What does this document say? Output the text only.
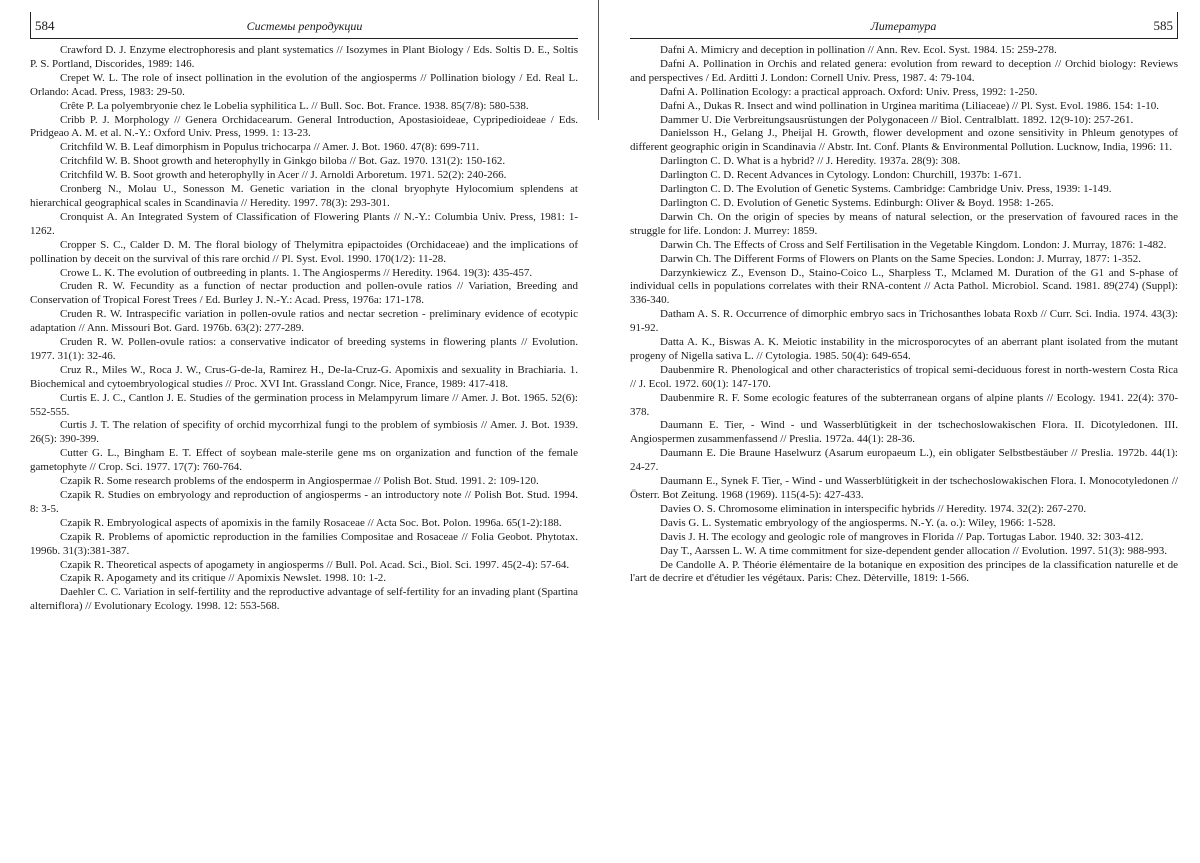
584	Системы репродукции
Crawford D. J. Enzyme electrophoresis and plant systematics // Isozymes in Plant Biology / Eds. Soltis D. E., Soltis P. S. Portland, Discorides, 1989: 146.
Crepet W. L. The role of insect pollination in the evolution of the angiosperms // Pollination biology / Ed. Real L. Orlando: Acad. Press, 1983: 29-50.
Crête P. La polyembryonie chez le Lobelia syphilitica L. // Bull. Soc. Bot. France. 1938. 85(7/8): 580-538.
Cribb P. J. Morphology // Genera Orchidacearum. General Introduction, Apostasioideae, Cypripedioideae / Eds. Pridgeao A. M. et al. N.-Y.: Oxford Univ. Press, 1999. 1: 13-23.
Critchfild W. B. Leaf dimorphism in Populus trichocarpa // Amer. J. Bot. 1960. 47(8): 699-711.
Critchfild W. B. Shoot growth and heterophylly in Ginkgo biloba // Bot. Gaz. 1970. 131(2): 150-162.
Critchfild W. B. Soot growth and heterophylly in Acer // J. Arnoldi Arboretum. 1971. 52(2): 240-266.
Cronberg N., Molau U., Sonesson M. Genetic variation in the clonal bryophyte Hylocomium splendens at hierarchical geographical scales in Scandinavia // Heredity. 1997. 78(3): 293-301.
Cronquist A. An Integrated System of Classification of Flowering Plants // N.-Y.: Columbia Univ. Press, 1981: 1-1262.
Cropper S. C., Calder D. M. The floral biology of Thelymitra epipactoides (Orchidaceae) and the implications of pollination by deceit on the survival of this rare orchid // Pl. Syst. Evol. 1990. 170(1/2): 11-28.
Crowe L. K. The evolution of outbreeding in plants. 1. The Angiosperms // Heredity. 1964. 19(3): 435-457.
Cruden R. W. Fecundity as a function of nectar production and pollen-ovule ratios // Variation, Breeding and Conservation of Tropical Forest Trees / Ed. Burley J. N.-Y.: Acad. Press, 1976a: 171-178.
Cruden R. W. Intraspecific variation in pollen-ovule ratios and nectar secretion - preliminary evidence of ecotypic adaptation // Ann. Missouri Bot. Gard. 1976b. 63(2): 277-289.
Cruden R. W. Pollen-ovule ratios: a conservative indicator of breeding systems in flowering plants // Evolution. 1977. 31(1): 32-46.
Cruz R., Miles W., Roca J. W., Crus-G-de-la, Ramirez H., De-la-Cruz-G. Apomixis and sexuality in Brachiaria. 1. Biochemical and cytoembryological studies // Proc. XVI Int. Grassland Congr. Nice, France, 1989: 417-418.
Curtis E. J. C., Cantlon J. E. Studies of the germination process in Melampyrum limare // Amer. J. Bot. 1965. 52(6): 552-555.
Curtis J. T. The relation of specifity of orchid mycorrhizal fungi to the problem of symbiosis // Amer. J. Bot. 1939. 26(5): 390-399.
Cutter G. L., Bingham E. T. Effect of soybean male-sterile gene ms on organization and function of the female gametophyte // Crop. Sci. 1977. 17(7): 760-764.
Czapik R. Some research problems of the endosperm in Angiospermae // Polish Bot. Stud. 1991. 2: 109-120.
Czapik R. Studies on embryology and reproduction of angiosperms - an introductory note // Polish Bot. Stud. 1994. 8: 3-5.
Czapik R. Embryological aspects of apomixis in the family Rosaceae // Acta Soc. Bot. Polon. 1996a. 65(1-2):188.
Czapik R. Problems of apomictic reproduction in the families Compositae and Rosaceae // Folia Geobot. Phytotax. 1996b. 31(3):381-387.
Czapik R. Theoretical aspects of apogamety in angiosperms // Bull. Pol. Acad. Sci., Biol. Sci. 1997. 45(2-4): 57-64.
Czapik R. Apogamety and its critique // Apomixis Newslet. 1998. 10: 1-2.
Daehler C. C. Variation in self-fertility and the reproductive advantage of self-fertility for an invading plant (Spartina alterniflora) // Evolutionary Ecology. 1998. 12: 553-568.
Литература	585
Dafni A. Mimicry and deception in pollination // Ann. Rev. Ecol. Syst. 1984. 15: 259-278.
Dafni A. Pollination in Orchis and related genera: evolution from reward to deception // Orchid biology: Reviews and perspectives / Ed. Arditti J. London: Cornell Univ. Press, 1987. 4: 79-104.
Dafni A. Pollination Ecology: a practical approach. Oxford: Univ. Press, 1992: 1-250.
Dafni A., Dukas R. Insect and wind pollination in Urginea maritima (Liliaceae) // Pl. Syst. Evol. 1986. 154: 1-10.
Dammer U. Die Verbreitungsausrüstungen der Polygonaceen // Biol. Centralblatt. 1892. 12(9-10): 257-261.
Danielsson H., Gelang J., Pheijal H. Growth, flower development and ozone sensitivity in Phleum genotypes of different geographic origin in Scandinavia // Abstr. Int. Conf. Plants & Environmental Pollution. Lucknow, India, 1996: 11.
Darlington C. D. What is a hybrid? // J. Heredity. 1937a. 28(9): 308.
Darlington C. D. Recent Advances in Cytology. London: Churchill, 1937b: 1-671.
Darlington C. D. The Evolution of Genetic Systems. Cambridge: Cambridge Univ. Press, 1939: 1-149.
Darlington C. D. Evolution of Genetic Systems. Edinburgh: Oliver & Boyd. 1958: 1-265.
Darwin Ch. On the origin of species by means of natural selection, or the preservation of favoured races in the struggle for life. London: J. Murrey: 1859.
Darwin Ch. The Effects of Cross and Self Fertilisation in the Vegetable Kingdom. London: J. Murray, 1876: 1-482.
Darwin Ch. The Different Forms of Flowers on Plants on the Same Species. London: J. Murray, 1877: 1-352.
Darzynkiewicz Z., Evenson D., Staino-Coico L., Sharpless T., Mclamed M. Duration of the G1 and S-phase of individual cells in populations correlates with their RNA-content // Acta Pathol. Microbiol. Scand. 1981. 89(274) (Suppl): 336-340.
Datham A. S. R. Occurrence of dimorphic embryo sacs in Trichosanthes lobata Roxb // Curr. Sci. India. 1974. 43(3): 91-92.
Datta A. K., Biswas A. K. Meiotic instability in the microsporocytes of an aberrant plant isolated from the mutant progeny of Nigella sativa L. // Cytologia. 1985. 50(4): 649-654.
Daubenmire R. Phenological and other characteristics of tropical semi-deciduous forest in north-western Costa Rica // J. Ecol. 1972. 60(1): 147-170.
Daubenmire R. F. Some ecologic features of the subterranean organs of alpine plants // Ecology. 1941. 22(4): 370-378.
Daumann E. Tier, - Wind - und Wasserblütigkeit in der tschechoslowakischen Flora. II. Dicotyledonen. III. Angiospermen zusammenfassend // Preslia. 1972a. 44(1): 28-36.
Daumann E. Die Braune Haselwurz (Asarum europaeum L.), ein obligater Selbstbestäuber // Preslia. 1972b. 44(1): 24-27.
Daumann E., Synek F. Tier, - Wind - und Wasserblütigkeit in der tschechoslowakischen Flora. I. Monocotyledonen // Österr. Bot Zeitung. 1968 (1969). 115(4-5): 427-433.
Davies O. S. Chromosome elimination in interspecific hybrids // Heredity. 1974. 32(2): 267-270.
Davis G. L. Systematic embryology of the angiosperms. N.-Y. (a. o.): Wiley, 1966: 1-528.
Davis J. H. The ecology and geologic role of mangroves in Florida // Pap. Tortugas Labor. 1940. 32: 303-412.
Day T., Aarssen L. W. A time commitment for size-dependent gender allocation // Evolution. 1997. 51(3): 988-993.
De Candolle A. P. Théorie élémentaire de la botanique en exposition des principes de la classification naturelle et de l'art de decrire et d'étudier les végétaux. Paris: Chez. Dèterville, 1819: 1-566.
